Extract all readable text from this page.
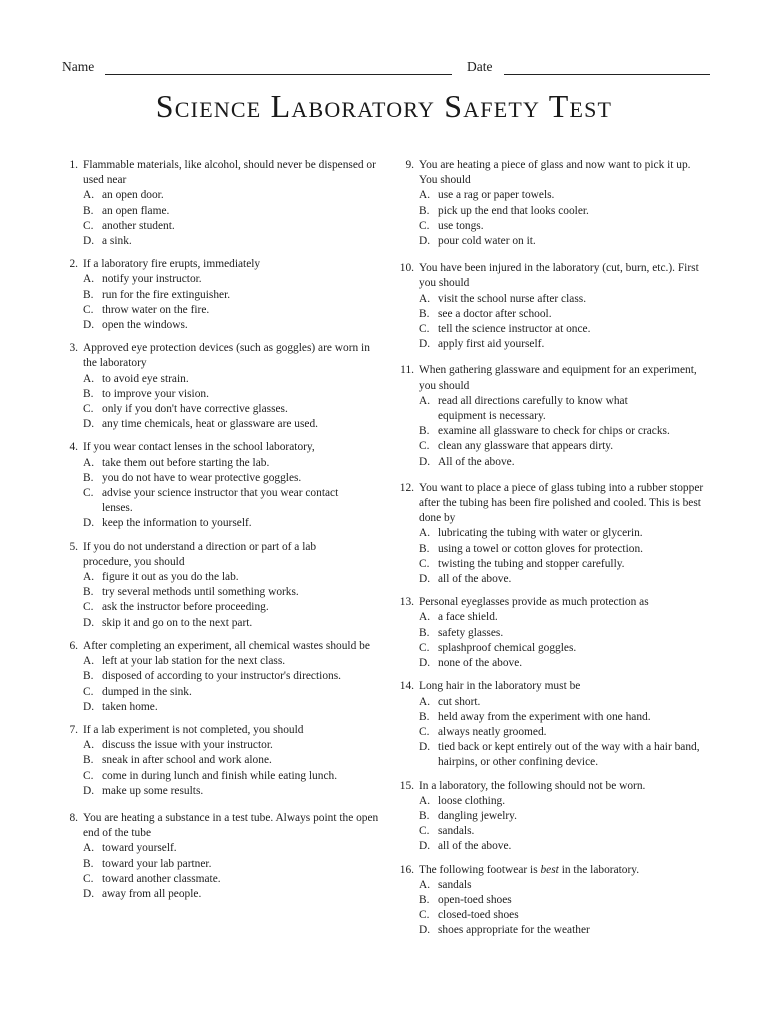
Name	Date
Science Laboratory Safety Test
1. Flammable materials, like alcohol, should never be dispensed or used near
A. an open door.
B. an open flame.
C. another student.
D. a sink.
2. If a laboratory fire erupts, immediately
A. notify your instructor.
B. run for the fire extinguisher.
C. throw water on the fire.
D. open the windows.
3. Approved eye protection devices (such as goggles) are worn in the laboratory
A. to avoid eye strain.
B. to improve your vision.
C. only if you don't have corrective glasses.
D. any time chemicals, heat or glassware are used.
4. If you wear contact lenses in the school laboratory,
A. take them out before starting the lab.
B. you do not have to wear protective goggles.
C. advise your science instructor that you wear contact lenses.
D. keep the information to yourself.
5. If you do not understand a direction or part of a lab procedure, you should
A. figure it out as you do the lab.
B. try several methods until something works.
C. ask the instructor before proceeding.
D. skip it and go on to the next part.
6. After completing an experiment, all chemical wastes should be
A. left at your lab station for the next class.
B. disposed of according to your instructor's directions.
C. dumped in the sink.
D. taken home.
7. If a lab experiment is not completed, you should
A. discuss the issue with your instructor.
B. sneak in after school and work alone.
C. come in during lunch and finish while eating lunch.
D. make up some results.
8. You are heating a substance in a test tube. Always point the open end of the tube
A. toward yourself.
B. toward your lab partner.
C. toward another classmate.
D. away from all people.
9. You are heating a piece of glass and now want to pick it up. You should
A. use a rag or paper towels.
B. pick up the end that looks cooler.
C. use tongs.
D. pour cold water on it.
10. You have been injured in the laboratory (cut, burn, etc.). First you should
A. visit the school nurse after class.
B. see a doctor after school.
C. tell the science instructor at once.
D. apply first aid yourself.
11. When gathering glassware and equipment for an experiment, you should
A. read all directions carefully to know what equipment is necessary.
B. examine all glassware to check for chips or cracks.
C. clean any glassware that appears dirty.
D. All of the above.
12. You want to place a piece of glass tubing into a rubber stopper after the tubing has been fire polished and cooled. This is best done by
A. lubricating the tubing with water or glycerin.
B. using a towel or cotton gloves for protection.
C. twisting the tubing and stopper carefully.
D. all of the above.
13. Personal eyeglasses provide as much protection as
A. a face shield.
B. safety glasses.
C. splashproof chemical goggles.
D. none of the above.
14. Long hair in the laboratory must be
A. cut short.
B. held away from the experiment with one hand.
C. always neatly groomed.
D. tied back or kept entirely out of the way with a hair band, hairpins, or other confining device.
15. In a laboratory, the following should not be worn.
A. loose clothing.
B. dangling jewelry.
C. sandals.
D. all of the above.
16. The following footwear is best in the laboratory.
A. sandals
B. open-toed shoes
C. closed-toed shoes
D. shoes appropriate for the weather
